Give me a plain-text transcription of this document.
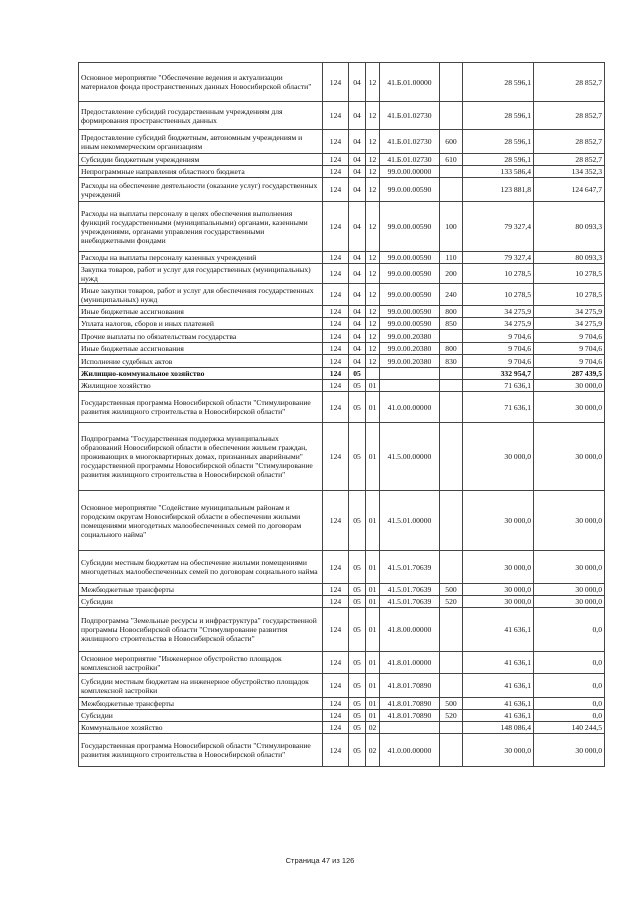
Основное мероприятие "Обеспечение ведения и актуализации материалов фонда пространственных данных Новосибирской области"	124	04	12	41.Б.01.00000		28 596,1	28 852,7
Предоставление субсидий государственным учреждениям для формирования пространственных данных	124	04	12	41.Б.01.02730		28 596,1	28 852,7
Предоставление субсидий бюджетным, автономным учреждениям и иным некоммерческим организациям	124	04	12	41.Б.01.02730	600	28 596,1	28 852,7
Субсидии бюджетным учреждениям	124	04	12	41.Б.01.02730	610	28 596,1	28 852,7
Непрограммные направления областного бюджета	124	04	12	99.0.00.00000		133 586,4	134 352,3
Расходы на обеспечение деятельности (оказание услуг) государственных учреждений	124	04	12	99.0.00.00590		123 881,8	124 647,7
Расходы на выплаты персоналу в целях обеспечения выполнения функций государственными (муниципальными) органами, казенными учреждениями, органами управления государственными внебюджетными фондами	124	04	12	99.0.00.00590	100	79 327,4	80 093,3
Расходы на выплаты персоналу казенных учреждений	124	04	12	99.0.00.00590	110	79 327,4	80 093,3
Закупка товаров, работ и услуг для государственных (муниципальных) нужд	124	04	12	99.0.00.00590	200	10 278,5	10 278,5
Иные закупки товаров, работ и услуг для обеспечения государственных (муниципальных) нужд	124	04	12	99.0.00.00590	240	10 278,5	10 278,5
Иные бюджетные ассигнования	124	04	12	99.0.00.00590	800	34 275,9	34 275,9
Уплата налогов, сборов и иных платежей	124	04	12	99.0.00.00590	850	34 275,9	34 275,9
Прочие выплаты по обязательствам государства	124	04	12	99.0.00.20380		9 704,6	9 704,6
Иные бюджетные ассигнования	124	04	12	99.0.00.20380	800	9 704,6	9 704,6
Исполнение судебных актов	124	04	12	99.0.00.20380	830	9 704,6	9 704,6
Жилищно-коммунальное хозяйство	124	05				332 954,7	287 439,5
Жилищное хозяйство	124	05	01			71 636,1	30 000,0
Государственная программа Новосибирской области "Стимулирование развития жилищного строительства в Новосибирской области"	124	05	01	41.0.00.00000		71 636,1	30 000,0
Подпрограмма "Государственная поддержка муниципальных образований Новосибирской области в обеспечении жильем граждан, проживающих в многоквартирных домах, признанных аварийными" государственной программы Новосибирской области "Стимулирование развития жилищного строительства в Новосибирской области"	124	05	01	41.5.00.00000		30 000,0	30 000,0
Основное мероприятие "Содействие муниципальным районам и городским округам Новосибирской области в обеспечении жилыми помещениями многодетных малообеспеченных семей по договорам социального найма"	124	05	01	41.5.01.00000		30 000,0	30 000,0
Субсидии местным бюджетам на обеспечение жилыми помещениями многодетных малообеспеченных семей по договорам социального найма	124	05	01	41.5.01.70639		30 000,0	30 000,0
Межбюджетные трансферты	124	05	01	41.5.01.70639	500	30 000,0	30 000,0
Субсидии	124	05	01	41.5.01.70639	520	30 000,0	30 000,0
Подпрограмма "Земельные ресурсы и инфраструктура" государственной программы Новосибирской области "Стимулирование развития жилищного строительства в Новосибирской области"	124	05	01	41.8.00.00000		41 636,1	0,0
Основное мероприятие "Инженерное обустройство площадок комплексной застройки"	124	05	01	41.8.01.00000		41 636,1	0,0
Субсидии местным бюджетам на инженерное обустройство площадок комплексной застройки	124	05	01	41.8.01.70890		41 636,1	0,0
Межбюджетные трансферты	124	05	01	41.8.01.70890	500	41 636,1	0,0
Субсидии	124	05	01	41.8.01.70890	520	41 636,1	0,0
Коммунальное хозяйство	124	05	02			148 086,4	140 244,5
Государственная программа Новосибирской области "Стимулирование развития жилищного строительства в Новосибирской области"	124	05	02	41.0.00.00000		30 000,0	30 000,0
Страница 47 из 126
